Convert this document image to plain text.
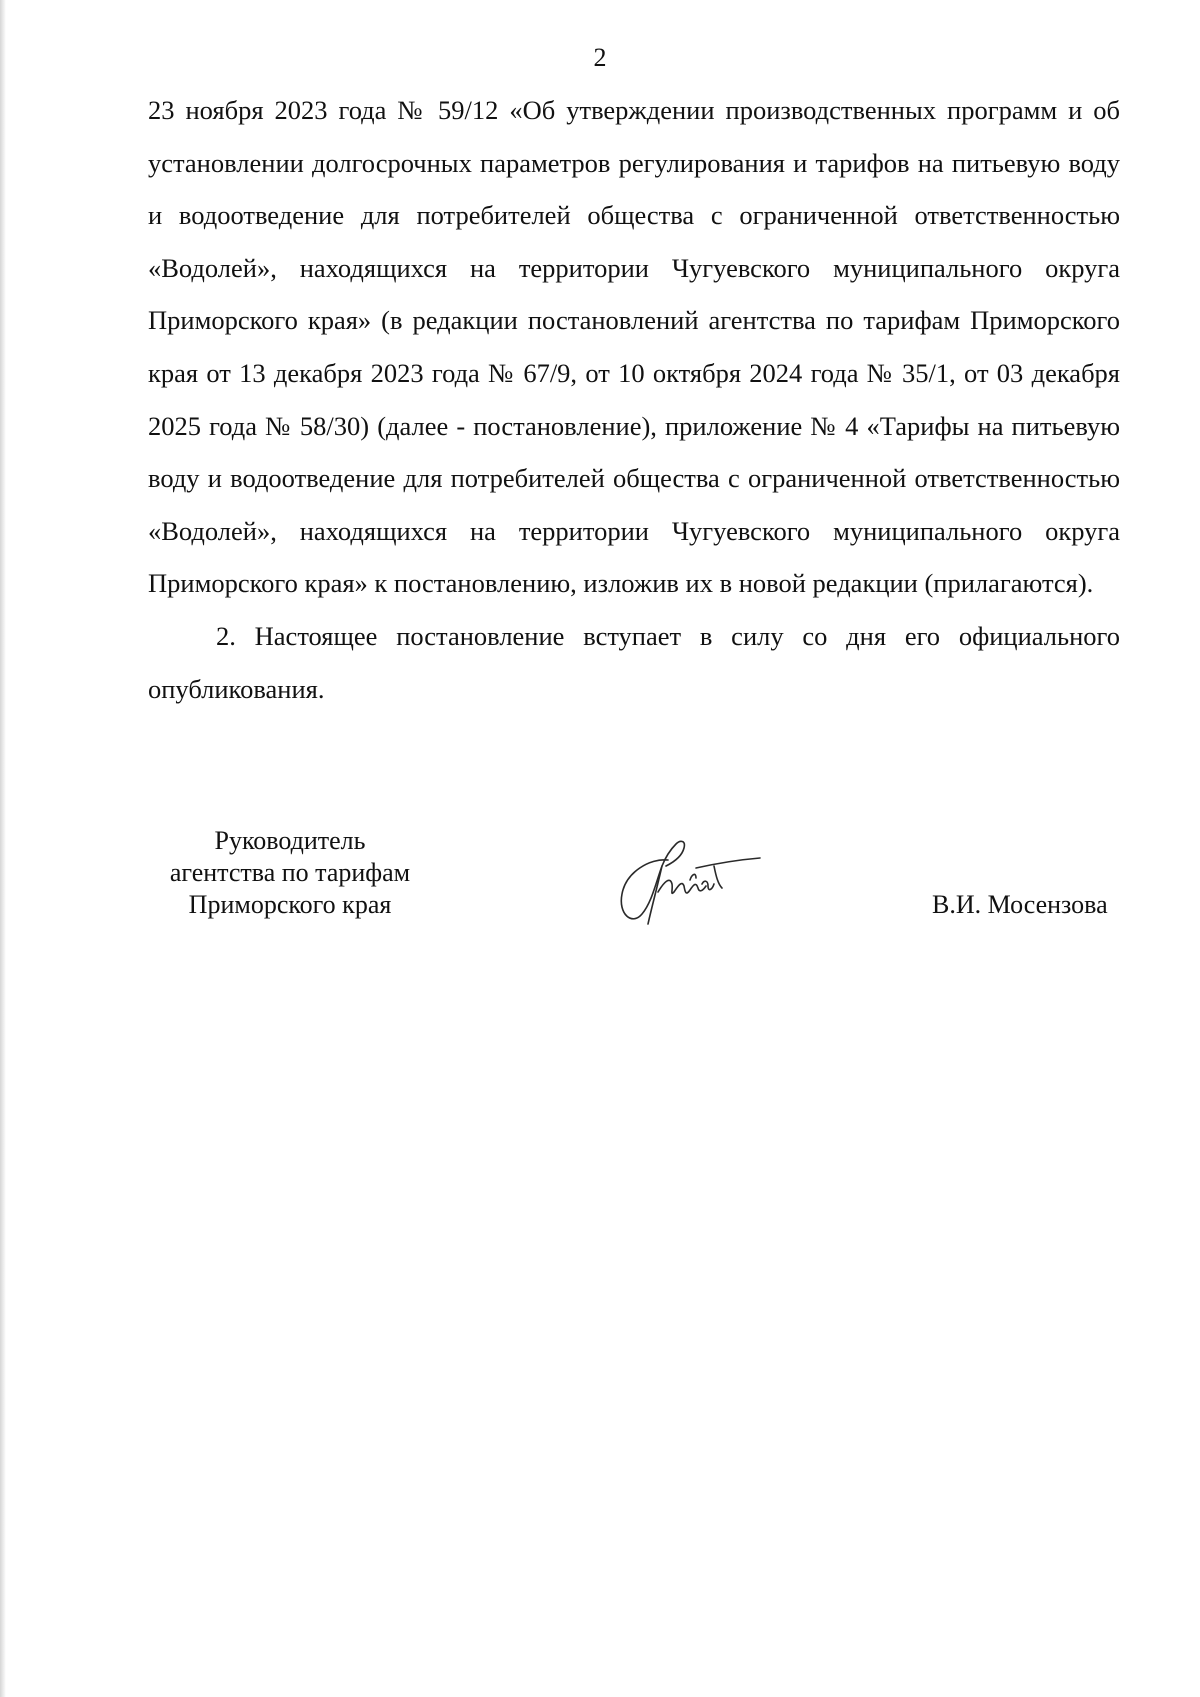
2

23 ноября 2023 года № 59/12 «Об утверждении производственных программ и об установлении долгосрочных параметров регулирования и тарифов на питьевую воду и водоотведение для потребителей общества с ограниченной ответственностью «Водолей», находящихся на территории Чугуевского муниципального округа Приморского края» (в редакции постановлений агентства по тарифам Приморского края от 13 декабря 2023 года № 67/9, от 10 октября 2024 года № 35/1, от 03 декабря 2025 года № 58/30) (далее - постановление), приложение № 4 «Тарифы на питьевую воду и водоотведение для потребителей общества с ограниченной ответственностью «Водолей», находящихся на территории Чугуевского муниципального округа Приморского края» к постановлению, изложив их в новой редакции (прилагаются).

2. Настоящее постановление вступает в силу со дня его официального опубликования.

Руководитель
агентства по тарифам
Приморского края	В.И. Мосензова
